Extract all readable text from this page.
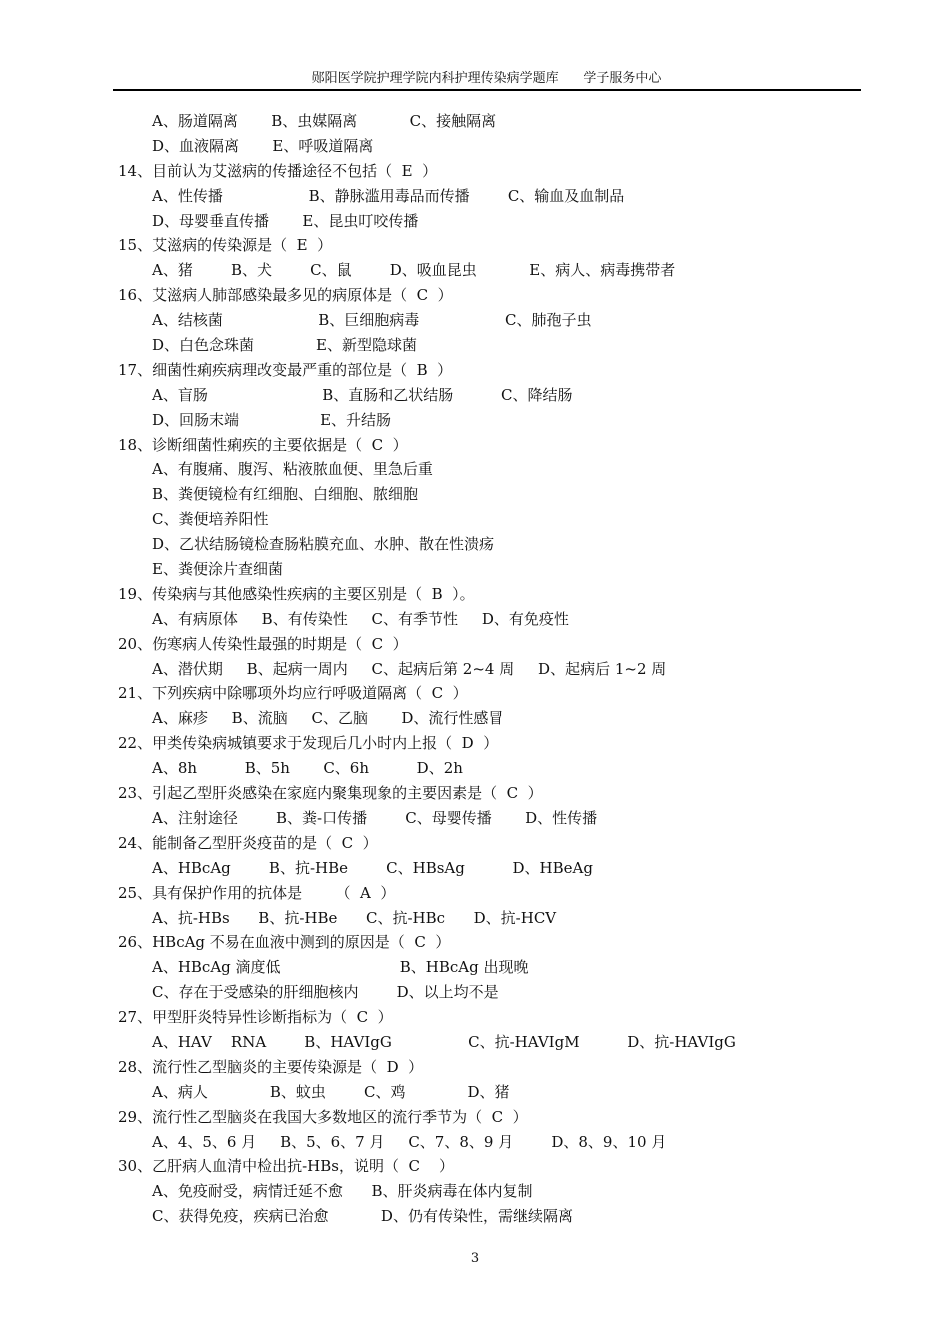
郧阳医学院护理学院内科护理传染病学题库      学子服务中心
A、肠道隔离       B、虫媒隔离           C、接触隔离
D、血液隔离       E、呼吸道隔离
14、目前认为艾滋病的传播途径不包括（  E  ）
A、性传播                  B、静脉滥用毒品而传播        C、输血及血制品
D、母婴垂直传播       E、昆虫叮咬传播
15、艾滋病的传染源是（  E  ）
A、猪        B、犬        C、鼠        D、吸血昆虫           E、病人、病毒携带者
16、艾滋病人肺部感染最多见的病原体是（  C  ）
A、结核菌                    B、巨细胞病毒                  C、肺孢子虫
D、白色念珠菌             E、新型隐球菌
17、细菌性痢疾病理改变最严重的部位是（  B  ）
A、盲肠                        B、直肠和乙状结肠          C、降结肠
D、回肠末端                 E、升结肠
18、诊断细菌性痢疾的主要依据是（  C  ）
A、有腹痛、腹泻、粘液脓血便、里急后重
B、粪便镜检有红细胞、白细胞、脓细胞
C、粪便培养阳性
D、乙状结肠镜检查肠粘膜充血、水肿、散在性溃疡
E、粪便涂片查细菌
19、传染病与其他感染性疾病的主要区别是（  B  ）。
A、有病原体     B、有传染性     C、有季节性     D、有免疫性
20、伤寒病人传染性最强的时期是（  C  ）
A、潜伏期     B、起病一周内     C、起病后第 2~4 周     D、起病后 1~2 周
21、下列疾病中除哪项外均应行呼吸道隔离（  C  ）
A、麻疹     B、流脑     C、乙脑       D、流行性感冒
22、甲类传染病城镇要求于发现后几小时内上报（  D  ）
A、8h          B、5h       C、6h          D、2h
23、引起乙型肝炎感染在家庭内聚集现象的主要因素是（  C  ）
A、注射途径        B、粪-口传播        C、母婴传播       D、性传播
24、能制备乙型肝炎疫苗的是（  C  ）
A、HBcAg        B、抗-HBe        C、HBsAg          D、HBeAg
25、具有保护作用的抗体是       （  A  ）
A、抗-HBs      B、抗-HBe      C、抗-HBc      D、抗-HCV
26、HBcAg 不易在血液中测到的原因是（  C  ）
A、HBcAg 滴度低                         B、HBcAg 出现晚
C、存在于受感染的肝细胞核内        D、以上均不是
27、甲型肝炎特异性诊断指标为（  C  ）
A、HAV    RNA        B、HAVIgG                C、抗-HAVIgM          D、抗-HAVIgG
28、流行性乙型脑炎的主要传染源是（  D  ）
A、病人             B、蚊虫        C、鸡             D、猪
29、流行性乙型脑炎在我国大多数地区的流行季节为（  C  ）
A、4、5、6 月     B、5、6、7 月     C、7、8、9 月        D、8、9、10 月
30、乙肝病人血清中检出抗-HBs，说明（  C    ）
A、免疫耐受，病情迁延不愈      B、肝炎病毒在体内复制
C、获得免疫，疾病已治愈           D、仍有传染性，需继续隔离
3
